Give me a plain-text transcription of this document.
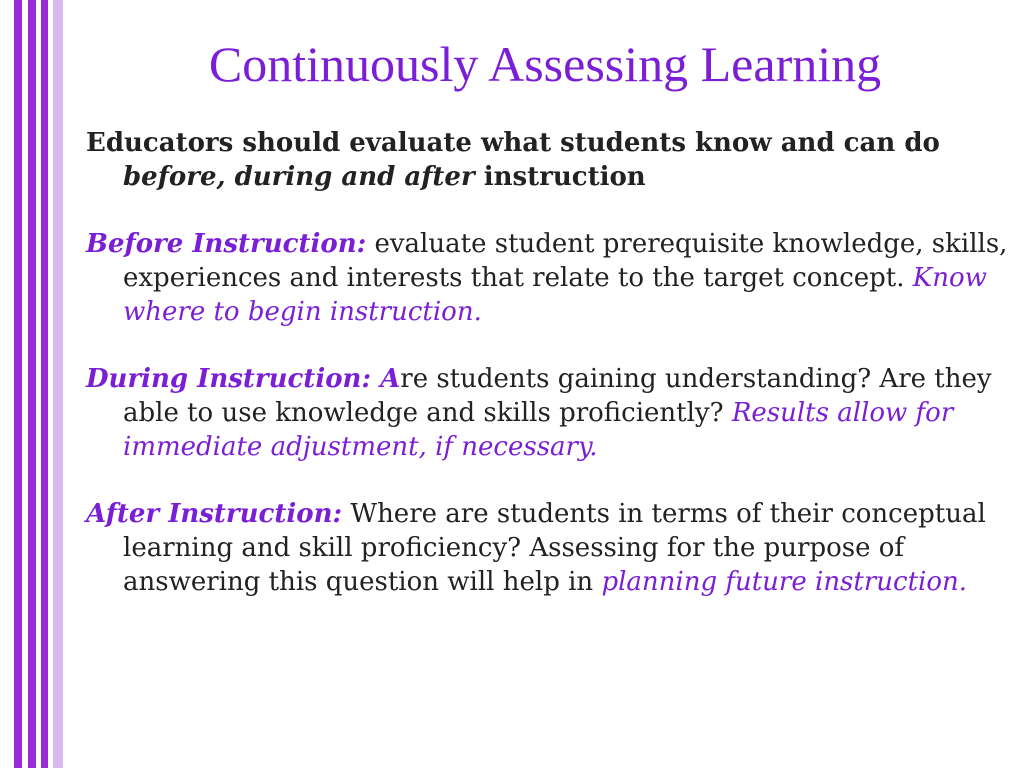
Continuously Assessing Learning

Educators should evaluate what students know and can do before, during and after instruction

Before Instruction: evaluate student prerequisite knowledge, skills, experiences and interests that relate to the target concept. Know where to begin instruction.

During Instruction: Are students gaining understanding? Are they able to use knowledge and skills proficiently? Results allow for immediate adjustment, if necessary.

After Instruction: Where are students in terms of their conceptual learning and skill proficiency? Assessing for the purpose of answering this question will help in planning future instruction.
